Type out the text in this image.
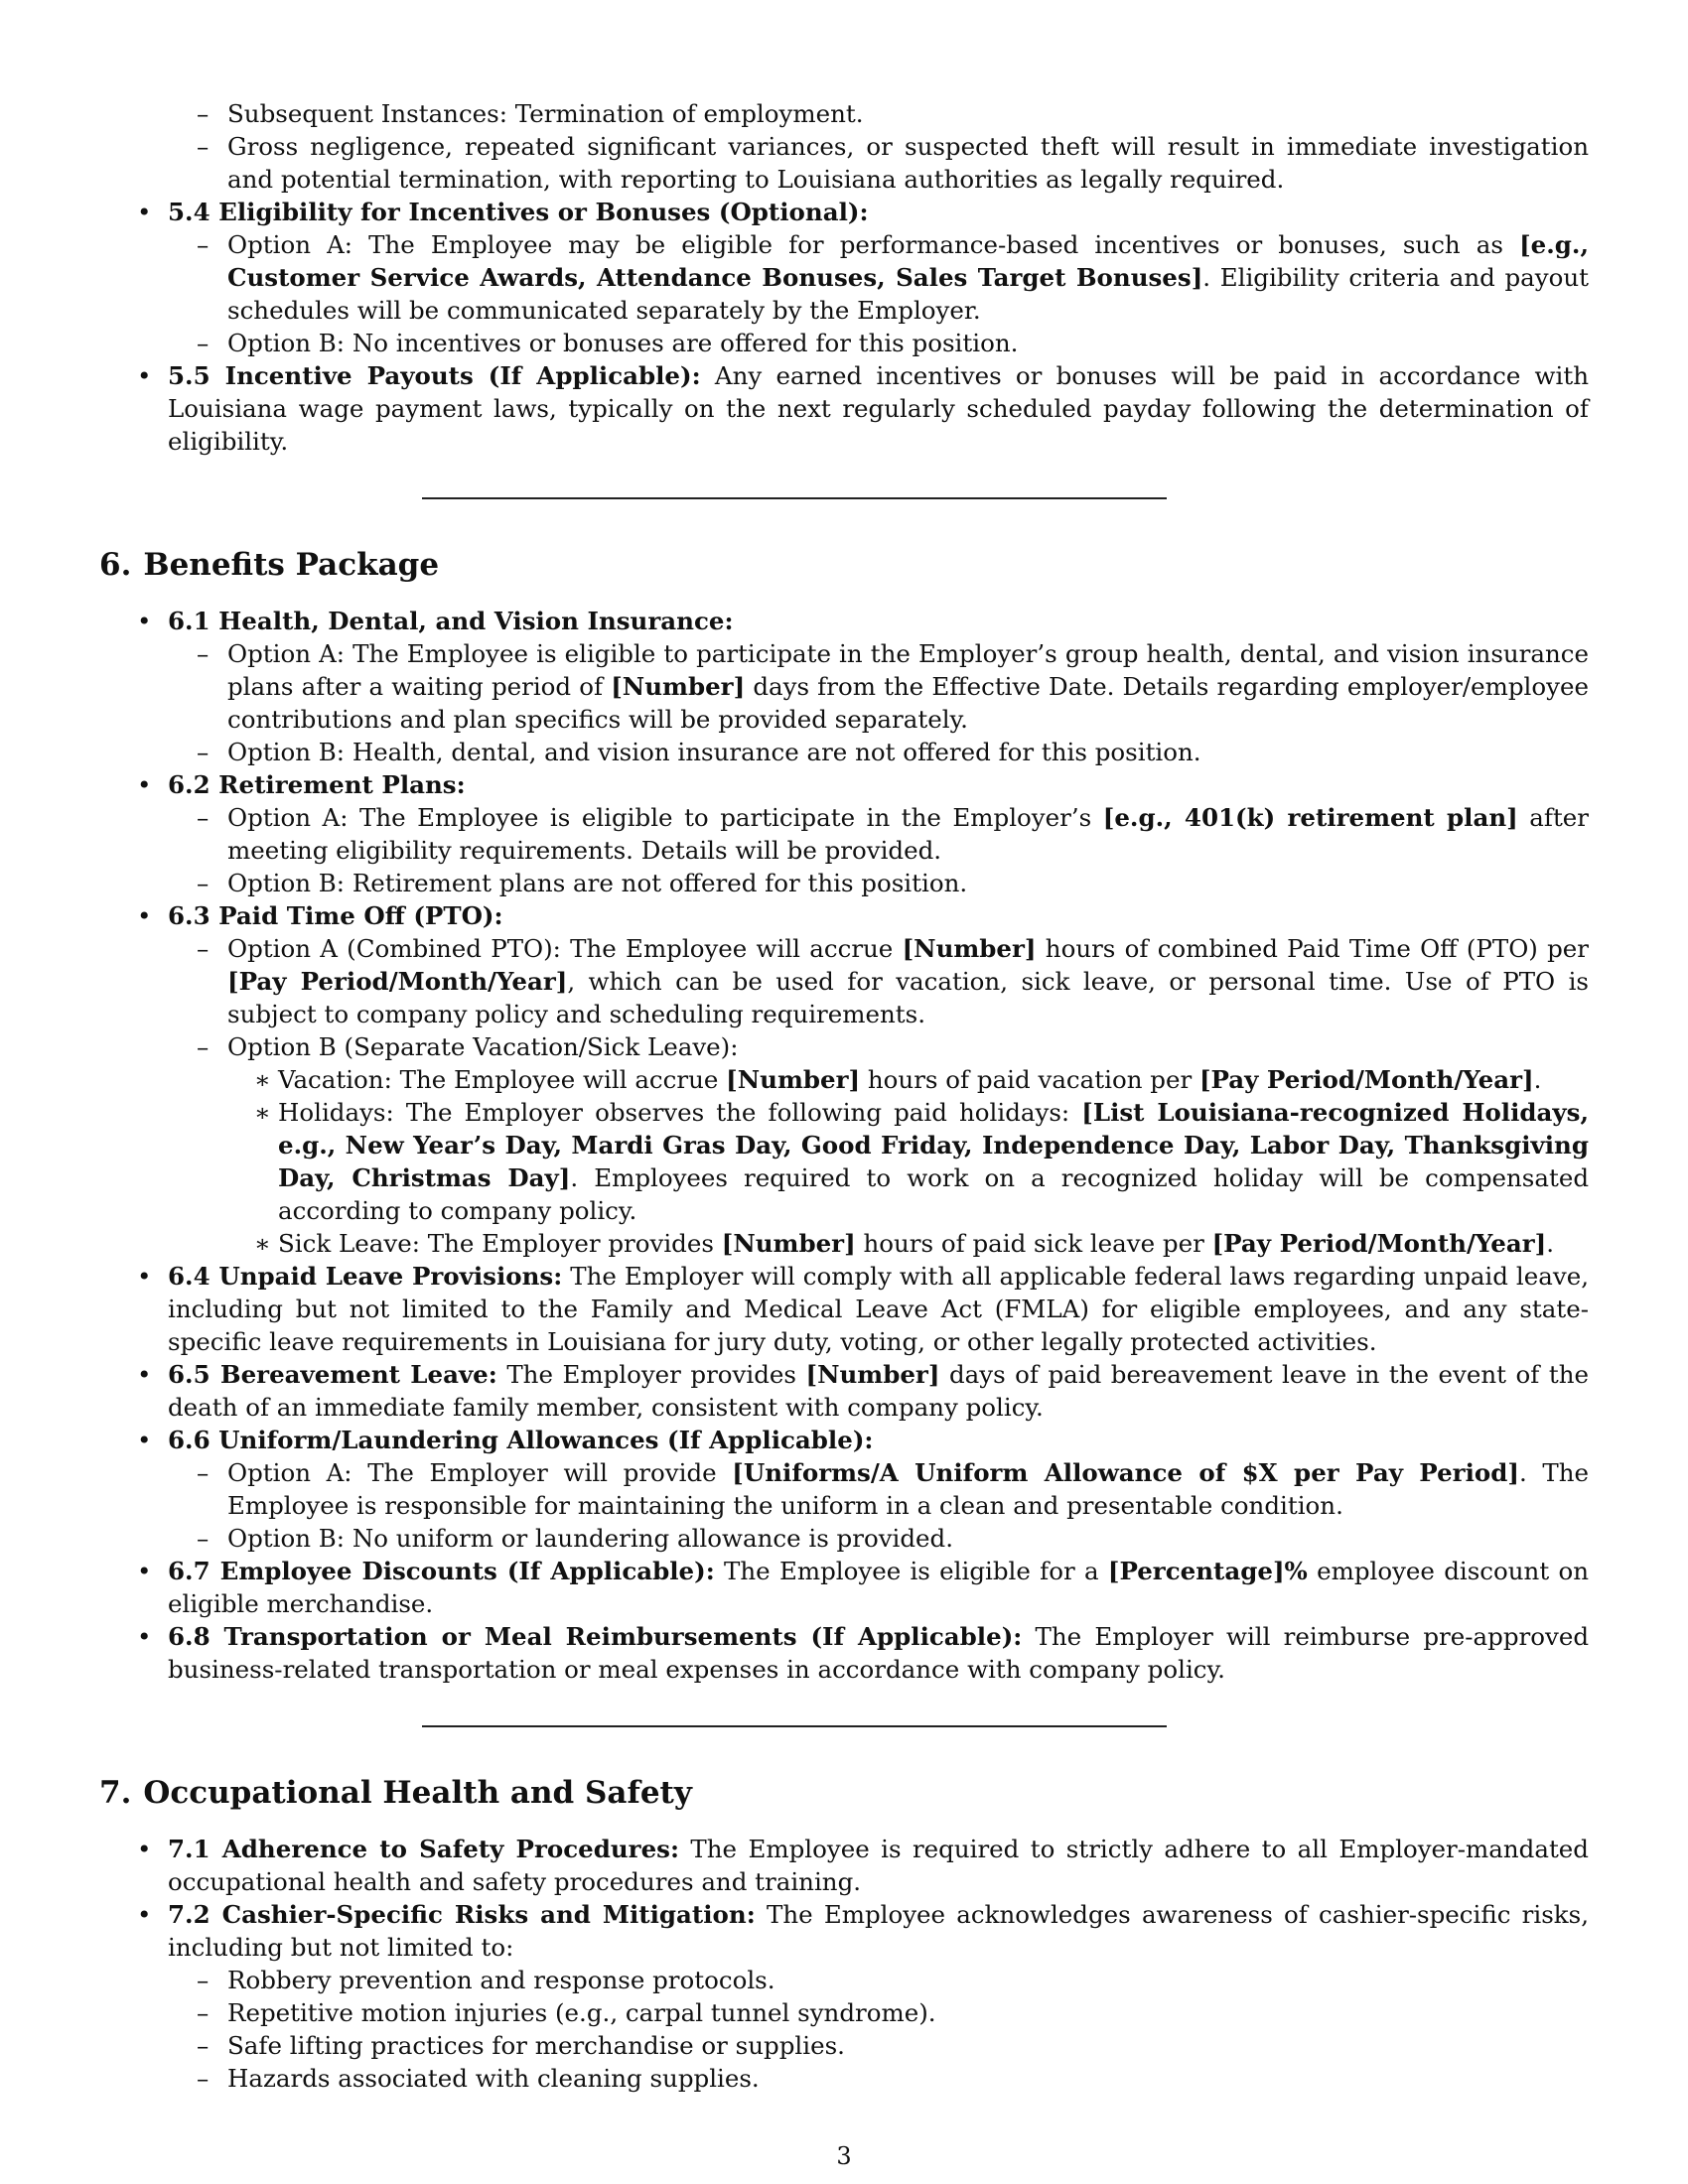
– Subsequent Instances: Termination of employment.
– Gross negligence, repeated significant variances, or suspected theft will result in immediate investigation and potential termination, with reporting to Louisiana authorities as legally required.
• 5.4 Eligibility for Incentives or Bonuses (Optional):
– Option A: The Employee may be eligible for performance-based incentives or bonuses, such as [e.g., Customer Service Awards, Attendance Bonuses, Sales Target Bonuses]. Eligibility criteria and payout schedules will be communicated separately by the Employer.
– Option B: No incentives or bonuses are offered for this position.
• 5.5 Incentive Payouts (If Applicable): Any earned incentives or bonuses will be paid in accordance with Louisiana wage payment laws, typically on the next regularly scheduled payday following the determination of eligibility.
6. Benefits Package
• 6.1 Health, Dental, and Vision Insurance:
– Option A: The Employee is eligible to participate in the Employer’s group health, dental, and vision insurance plans after a waiting period of [Number] days from the Effective Date. Details regarding employer/employee contributions and plan specifics will be provided separately.
– Option B: Health, dental, and vision insurance are not offered for this position.
• 6.2 Retirement Plans:
– Option A: The Employee is eligible to participate in the Employer’s [e.g., 401(k) retirement plan] after meeting eligibility requirements. Details will be provided.
– Option B: Retirement plans are not offered for this position.
• 6.3 Paid Time Off (PTO):
– Option A (Combined PTO): The Employee will accrue [Number] hours of combined Paid Time Off (PTO) per [Pay Period/Month/Year], which can be used for vacation, sick leave, or personal time. Use of PTO is subject to company policy and scheduling requirements.
– Option B (Separate Vacation/Sick Leave):
∗ Vacation: The Employee will accrue [Number] hours of paid vacation per [Pay Period/Month/Year].
∗ Holidays: The Employer observes the following paid holidays: [List Louisiana-recognized Holidays, e.g., New Year’s Day, Mardi Gras Day, Good Friday, Independence Day, Labor Day, Thanksgiving Day, Christmas Day]. Employees required to work on a recognized holiday will be compensated according to company policy.
∗ Sick Leave: The Employer provides [Number] hours of paid sick leave per [Pay Period/Month/Year].
• 6.4 Unpaid Leave Provisions: The Employer will comply with all applicable federal laws regarding unpaid leave, including but not limited to the Family and Medical Leave Act (FMLA) for eligible employees, and any state-specific leave requirements in Louisiana for jury duty, voting, or other legally protected activities.
• 6.5 Bereavement Leave: The Employer provides [Number] days of paid bereavement leave in the event of the death of an immediate family member, consistent with company policy.
• 6.6 Uniform/Laundering Allowances (If Applicable):
– Option A: The Employer will provide [Uniforms/A Uniform Allowance of $X per Pay Period]. The Employee is responsible for maintaining the uniform in a clean and presentable condition.
– Option B: No uniform or laundering allowance is provided.
• 6.7 Employee Discounts (If Applicable): The Employee is eligible for a [Percentage]% employee discount on eligible merchandise.
• 6.8 Transportation or Meal Reimbursements (If Applicable): The Employer will reimburse pre-approved business-related transportation or meal expenses in accordance with company policy.
7. Occupational Health and Safety
• 7.1 Adherence to Safety Procedures: The Employee is required to strictly adhere to all Employer-mandated occupational health and safety procedures and training.
• 7.2 Cashier-Specific Risks and Mitigation: The Employee acknowledges awareness of cashier-specific risks, including but not limited to:
– Robbery prevention and response protocols.
– Repetitive motion injuries (e.g., carpal tunnel syndrome).
– Safe lifting practices for merchandise or supplies.
– Hazards associated with cleaning supplies.
3
